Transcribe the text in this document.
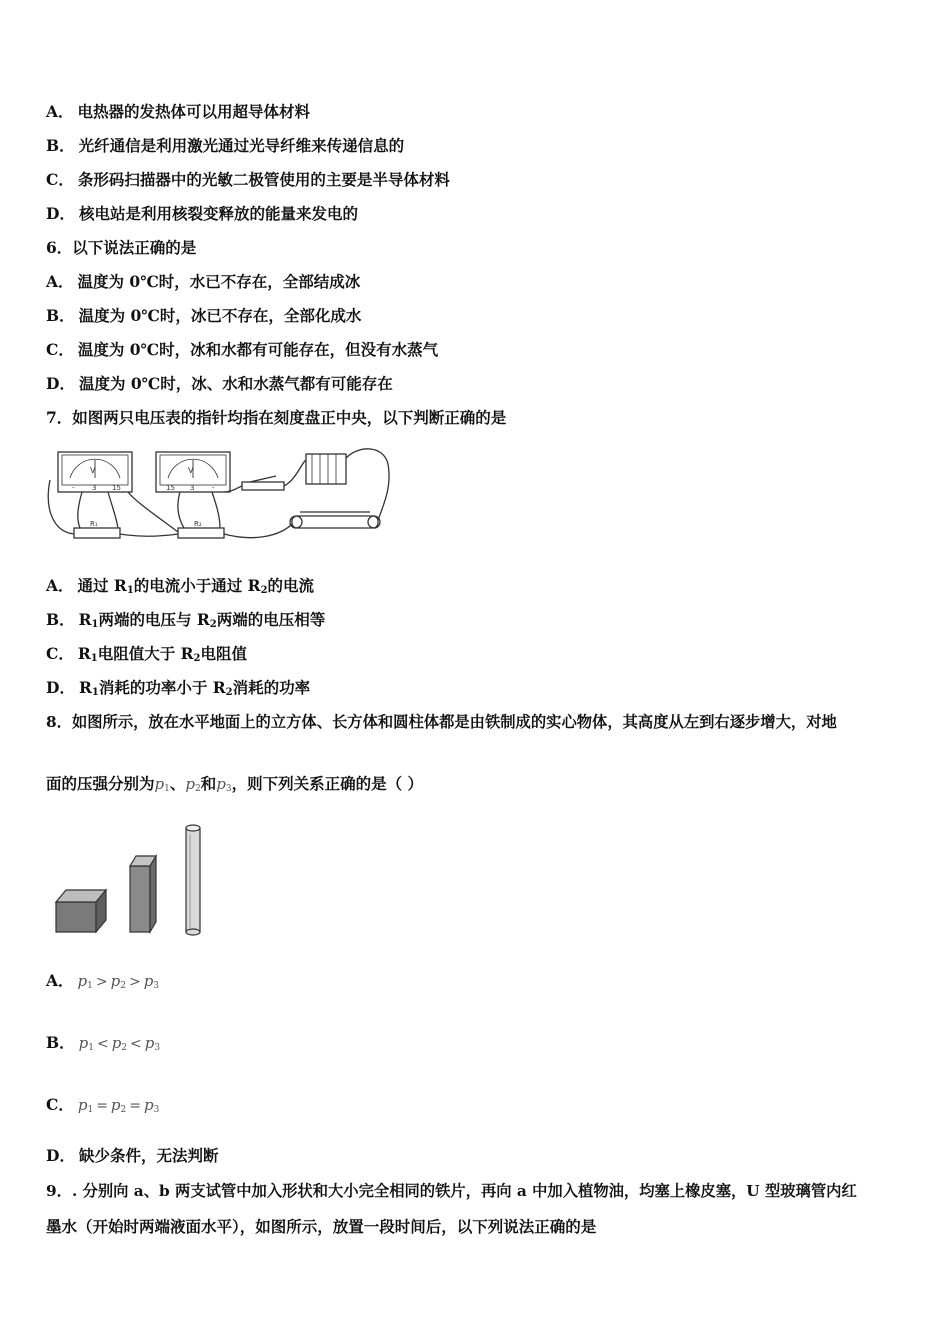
A． 电热器的发热体可以用超导体材料
B． 光纤通信是利用激光通过光导纤维来传递信息的
C． 条形码扫描器中的光敏二极管使用的主要是半导体材料
D． 核电站是利用核裂变释放的能量来发电的
6．以下说法正确的是
A． 温度为 0℃时，水已不存在，全部结成冰
B． 温度为 0℃时，冰已不存在，全部化成水
C． 温度为 0℃时，冰和水都有可能存在，但没有水蒸气
D． 温度为 0℃时，冰、水和水蒸气都有可能存在
7．如图两只电压表的指针均指在刻度盘正中央，以下判断正确的是
V	V
- 3 15	15 3	-
R₁	R₂
A． 通过 $R_1$的电流小于通过 $R_2$的电流
B． $R_1$两端的电压与 $R_2$两端的电压相等
C． $R_1$电阻值大于 $R_2$电阻值
D． $R_1$消耗的功率小于 $R_2$消耗的功率
8．如图所示，放在水平地面上的立方体、长方体和圆柱体都是由铁制成的实心物体，其高度从左到右逐步增大，对地
面的压强分别为$p_1$、$p_2$和$p_3$，则下列关系正确的是（ ）
A． $p_1 > p_2 > p_3$
B． $p_1 < p_2 < p_3$
C． $p_1 = p_2 = p_3$
D． 缺少条件，无法判断
9．. 分别向 a、b 两支试管中加入形状和大小完全相同的铁片，再向 a 中加入植物油，均塞上橡皮塞，U 型玻璃管内红
墨水（开始时两端液面水平），如图所示，放置一段时间后，以下列说法正确的是
